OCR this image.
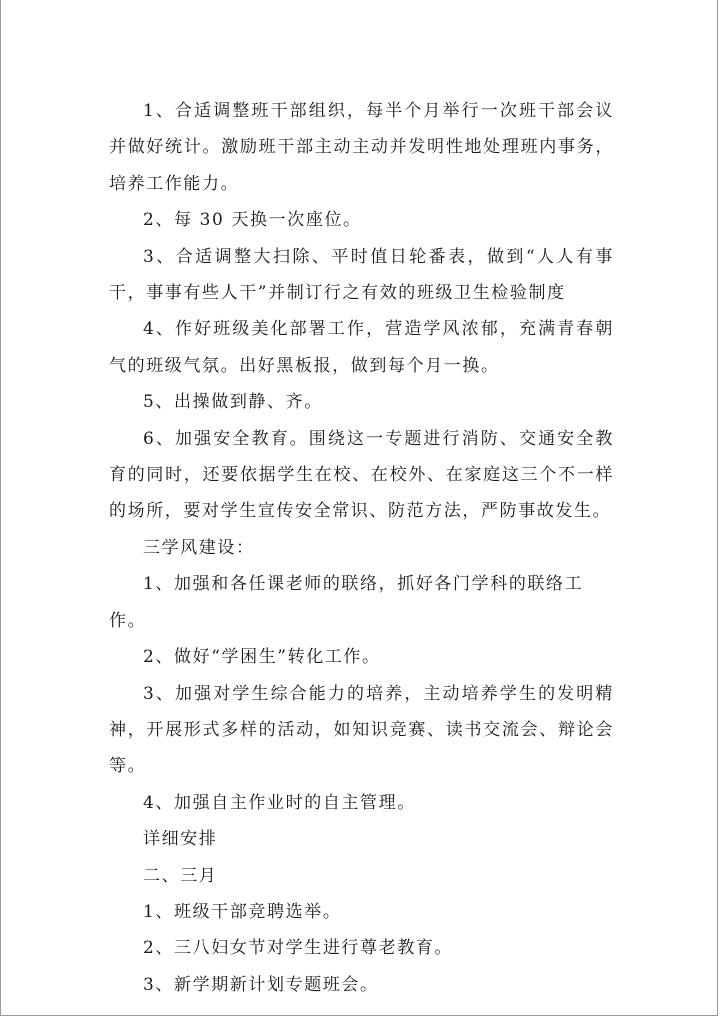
1、合适调整班干部组织，每半个月举行一次班干部会议并做好统计。激励班干部主动主动并发明性地处理班内事务，培养工作能力。

2、每 30 天换一次座位。

3、合适调整大扫除、平时值日轮番表，做到“人人有事干，事事有些人干”并制订行之有效的班级卫生检验制度

4、作好班级美化部署工作，营造学风浓郁，充满青春朝气的班级气氛。出好黑板报，做到每个月一换。

5、出操做到静、齐。

6、加强安全教育。围绕这一专题进行消防、交通安全教育的同时，还要依据学生在校、在校外、在家庭这三个不一样的场所，要对学生宣传安全常识、防范方法，严防事故发生。

三学风建设：

1、加强和各任课老师的联络，抓好各门学科的联络工作。

2、做好“学困生”转化工作。

3、加强对学生综合能力的培养，主动培养学生的发明精神，开展形式多样的活动，如知识竞赛、读书交流会、辩论会等。

4、加强自主作业时的自主管理。

详细安排

二、三月

1、班级干部竞聘选举。

2、三八妇女节对学生进行尊老教育。

3、新学期新计划专题班会。
